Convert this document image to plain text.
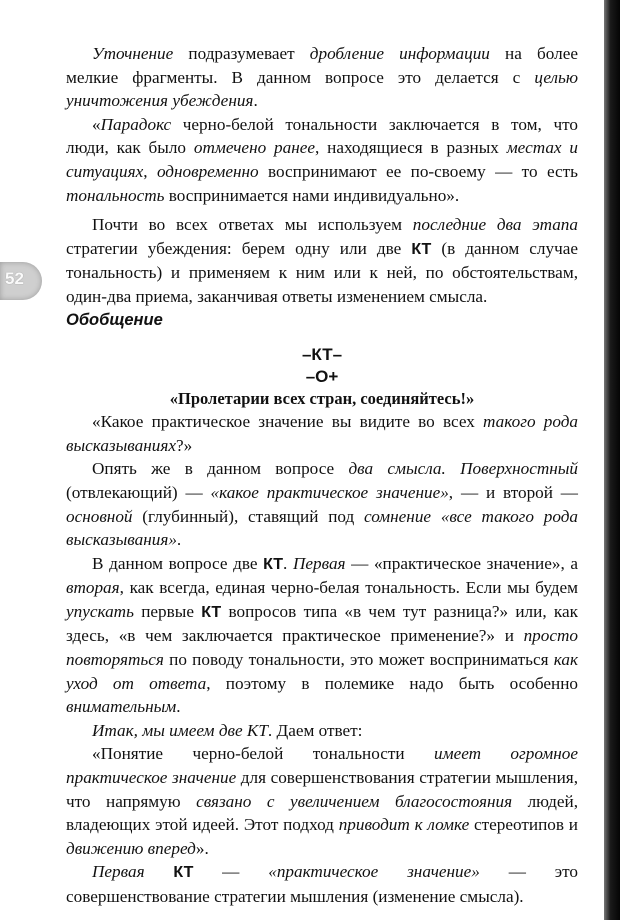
52

Уточнение подразумевает дробление информации на более мелкие фрагменты. В данном вопросе это делается с целью уничтожения убеждения.

«Парадокс черно-белой тональности заключается в том, что люди, как было отмечено ранее, находящиеся в разных местах и ситуациях, одновременно воспринимают ее по-своему — то есть тональность воспринимается нами индивидуально».

Почти во всех ответах мы используем последние два этапа стратегии убеждения: берем одну или две КТ (в данном случае тональность) и применяем к ним или к ней, по обстоятельствам, один-два приема, заканчивая ответы изменением смысла.

Обобщение

–КТ–

–О+

«Пролетарии всех стран, соединяйтесь!»

«Какое практическое значение вы видите во всех такого рода высказываниях?»

Опять же в данном вопросе два смысла. Поверхностный (отвлекающий) — «какое практическое значение», — и второй — основной (глубинный), ставящий под сомнение «все такого рода высказывания».

В данном вопросе две КТ. Первая — «практическое значение», а вторая, как всегда, единая черно-белая тональность. Если мы будем упускать первые КТ вопросов типа «в чем тут разница?» или, как здесь, «в чем заключается практическое применение?» и просто повторяться по поводу тональности, это может восприниматься как уход от ответа, поэтому в полемике надо быть особенно внимательным.

Итак, мы имеем две КТ. Даем ответ:

«Понятие черно-белой тональности имеет огромное практическое значение для совершенствования стратегии мышления, что напрямую связано с увеличением благосостояния людей, владеющих этой идеей. Этот подход приводит к ломке стереотипов и движению вперед».

Первая КТ — «практическое значение» — это совершенствование стратегии мышления (изменение смысла).
